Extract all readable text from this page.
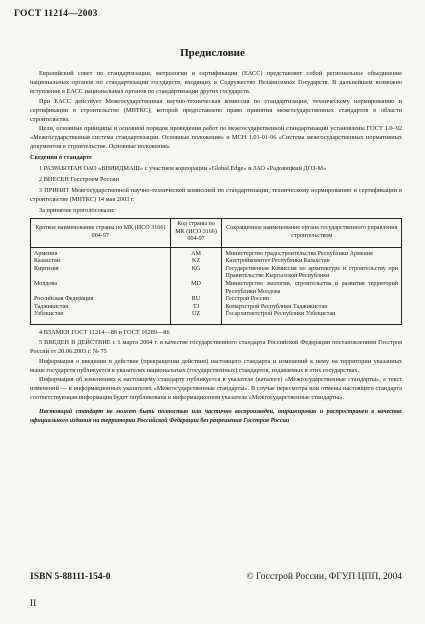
ГОСТ 11214—2003
Предисловие

Евразийский совет по стандартизации, метрологии и сертификации (ЕАСС) представляет собой региональное объединение национальных органов по стандартизации государств, входящих в Содружество Независимых Государств. В дальнейшем возможно вступление в ЕАСС национальных органов по стандартизации других государств.

При ЕАСС действует Межгосударственная научно-техническая комиссия по стандартизации, техническому нормированию и сертификации в строительстве (МНТКС), которой предоставлено право принятия межгосударственных стандартов в области строительства.

Цели, основные принципы и основной порядок проведения работ по межгосударственной стандартизации установлены ГОСТ 1.0–92 «Межгосударственная система стандартизации. Основные положения» и МСН 1.01-01-96 «Система межгосударственных нормативных документов в строительстве. Основные положения»

Сведения о стандарте

1 РАЗРАБОТАН ОАО «ВНИИДМАШ» с участием корпорации «Global Edge» и ЗАО «Радовицкий ДОЗ-М»

2 ВНЕСЕН Госстроем России

3 ПРИНЯТ Межгосударственной научно-технической комиссией по стандартизации, техническому нормированию и сертификации в строительстве (МНТКС) 14 мая 2003 г.

За принятие проголосовали:

Краткое наименование страны по МК (ИСО 3166) 004-97	Код страны по МК (ИСО 3166) 004-97	Сокращенное наименование органа государственного управления строительством
Армения	AM	Министерство градостроительства Республики Армения
Казахстан	KZ	Казстройкомитет Республики Казахстан
Киргизия	KG	Государственная Комиссия по архитектуре и строительству при Правительстве Кыргызской Республики
Молдова	MD	Министерство экологии, строительства и развития территорий Республики Молдова
Российская Федерация	RU	Госстрой России
Таджикистан	TJ	Комархстрой Республики Таджикистан
Узбекистан	UZ	Госархитектстрой Республики Узбекистан

4 ВЗАМЕН ГОСТ 11214—86 и ГОСТ 16289—86

5 ВВЕДЕН В ДЕЙСТВИЕ с 1 марта 2004 г. в качестве государственного стандарта Российской Федерации постановлением Госстроя России от 20.06.2003 г. № 75

Информация о введении в действие (прекращении действия) настоящего стандарта и изменений к нему на территории указанных выше государств публикуется в указателях национальных (государственных) стандартов, издаваемых в этих государствах.

Информация об изменениях к настоящему стандарту публикуется в указателе (каталоге) «Межгосударственные стандарты», а текст изменений — в информационных указателях «Межгосударственные стандарты». В случае пересмотра или отмены настоящего стандарта соответствующая информация будет опубликована в информационном указателе «Межгосударственные стандарты».

Настоящий стандарт не может быть полностью или частично воспроизведен, тиражирован и распространен в качестве официального издания на территории Российской Федерации без разрешения Госстроя России
ISBN 5-88111-154-0	© Госстрой России, ФГУП ЦПП, 2004
II
